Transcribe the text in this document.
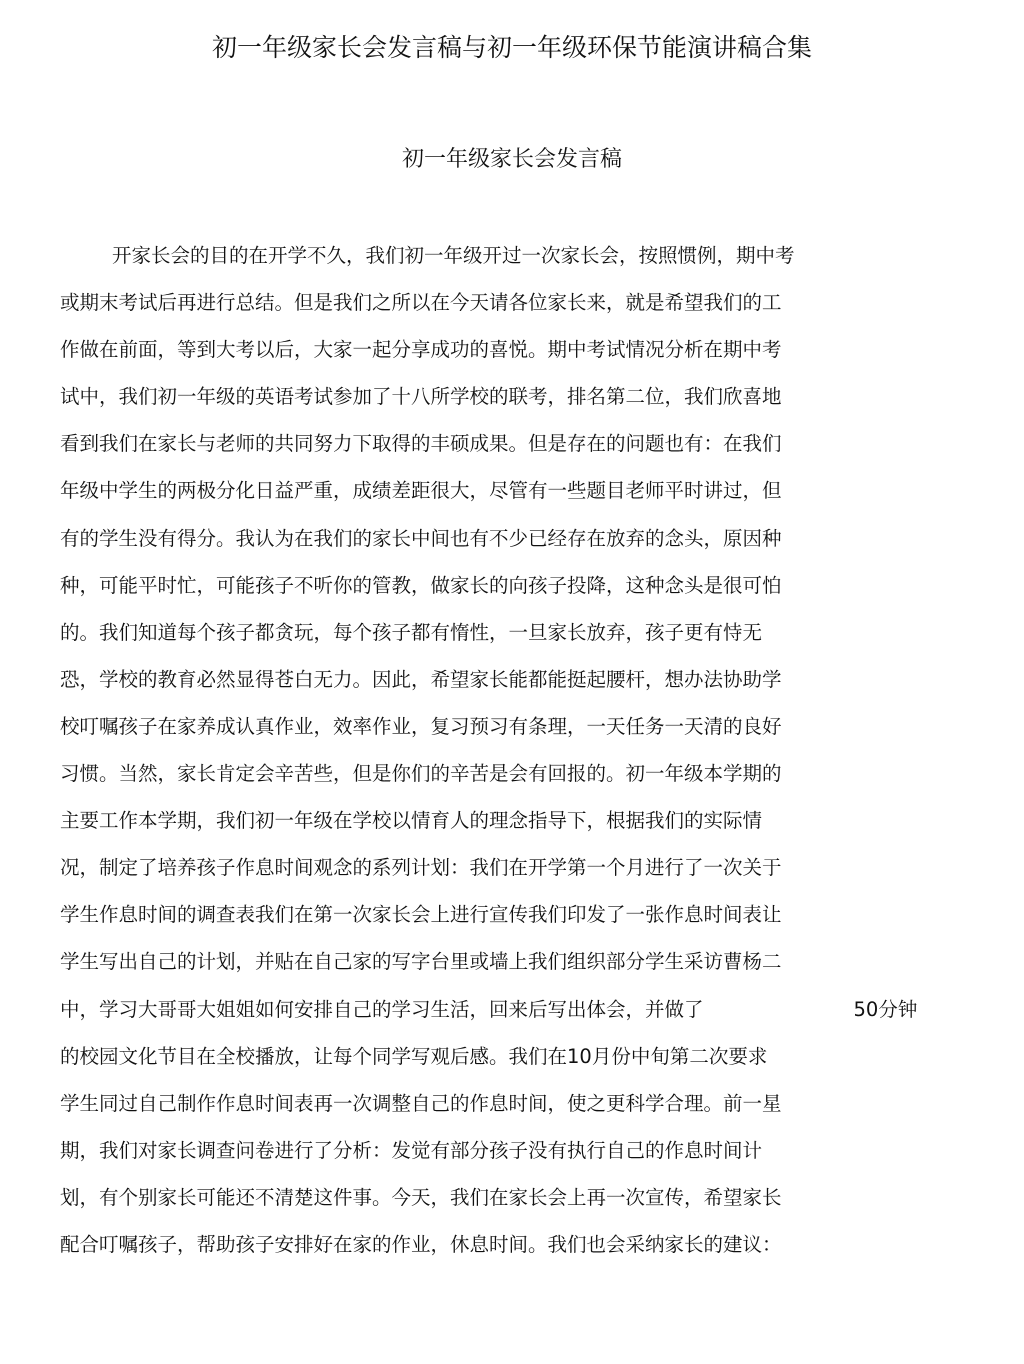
初一年级家长会发言稿与初一年级环保节能演讲稿合集
初一年级家长会发言稿
开家长会的目的在开学不久，我们初一年级开过一次家长会，按照惯例，期中考
或期末考试后再进行总结。但是我们之所以在今天请各位家长来，就是希望我们的工
作做在前面，等到大考以后，大家一起分享成功的喜悦。期中考试情况分析在期中考
试中，我们初一年级的英语考试参加了十八所学校的联考，排名第二位，我们欣喜地
看到我们在家长与老师的共同努力下取得的丰硕成果。但是存在的问题也有：在我们
年级中学生的两极分化日益严重，成绩差距很大，尽管有一些题目老师平时讲过，但
有的学生没有得分。我认为在我们的家长中间也有不少已经存在放弃的念头，原因种
种，可能平时忙，可能孩子不听你的管教，做家长的向孩子投降，这种念头是很可怕
的。我们知道每个孩子都贪玩，每个孩子都有惰性，一旦家长放弃，孩子更有恃无
恐，学校的教育必然显得苍白无力。因此，希望家长能都能挺起腰杆，想办法协助学
校叮嘱孩子在家养成认真作业，效率作业，复习预习有条理，一天任务一天清的良好
习惯。当然，家长肯定会辛苦些，但是你们的辛苦是会有回报的。初一年级本学期的
主要工作本学期，我们初一年级在学校以情育人的理念指导下，根据我们的实际情
况，制定了培养孩子作息时间观念的系列计划：我们在开学第一个月进行了一次关于
学生作息时间的调查表我们在第一次家长会上进行宣传我们印发了一张作息时间表让
学生写出自己的计划，并贴在自己家的写字台里或墙上我们组织部分学生采访曹杨二
中，学习大哥哥大姐姐如何安排自己的学习生活，回来后写出体会，并做了	50分钟
的校园文化节目在全校播放，让每个同学写观后感。我们在10月份中旬第二次要求
学生同过自己制作作息时间表再一次调整自己的作息时间，使之更科学合理。前一星
期，我们对家长调查问卷进行了分析：发觉有部分孩子没有执行自己的作息时间计
划，有个别家长可能还不清楚这件事。今天，我们在家长会上再一次宣传，希望家长
配合叮嘱孩子，帮助孩子安排好在家的作业，休息时间。我们也会采纳家长的建议：
